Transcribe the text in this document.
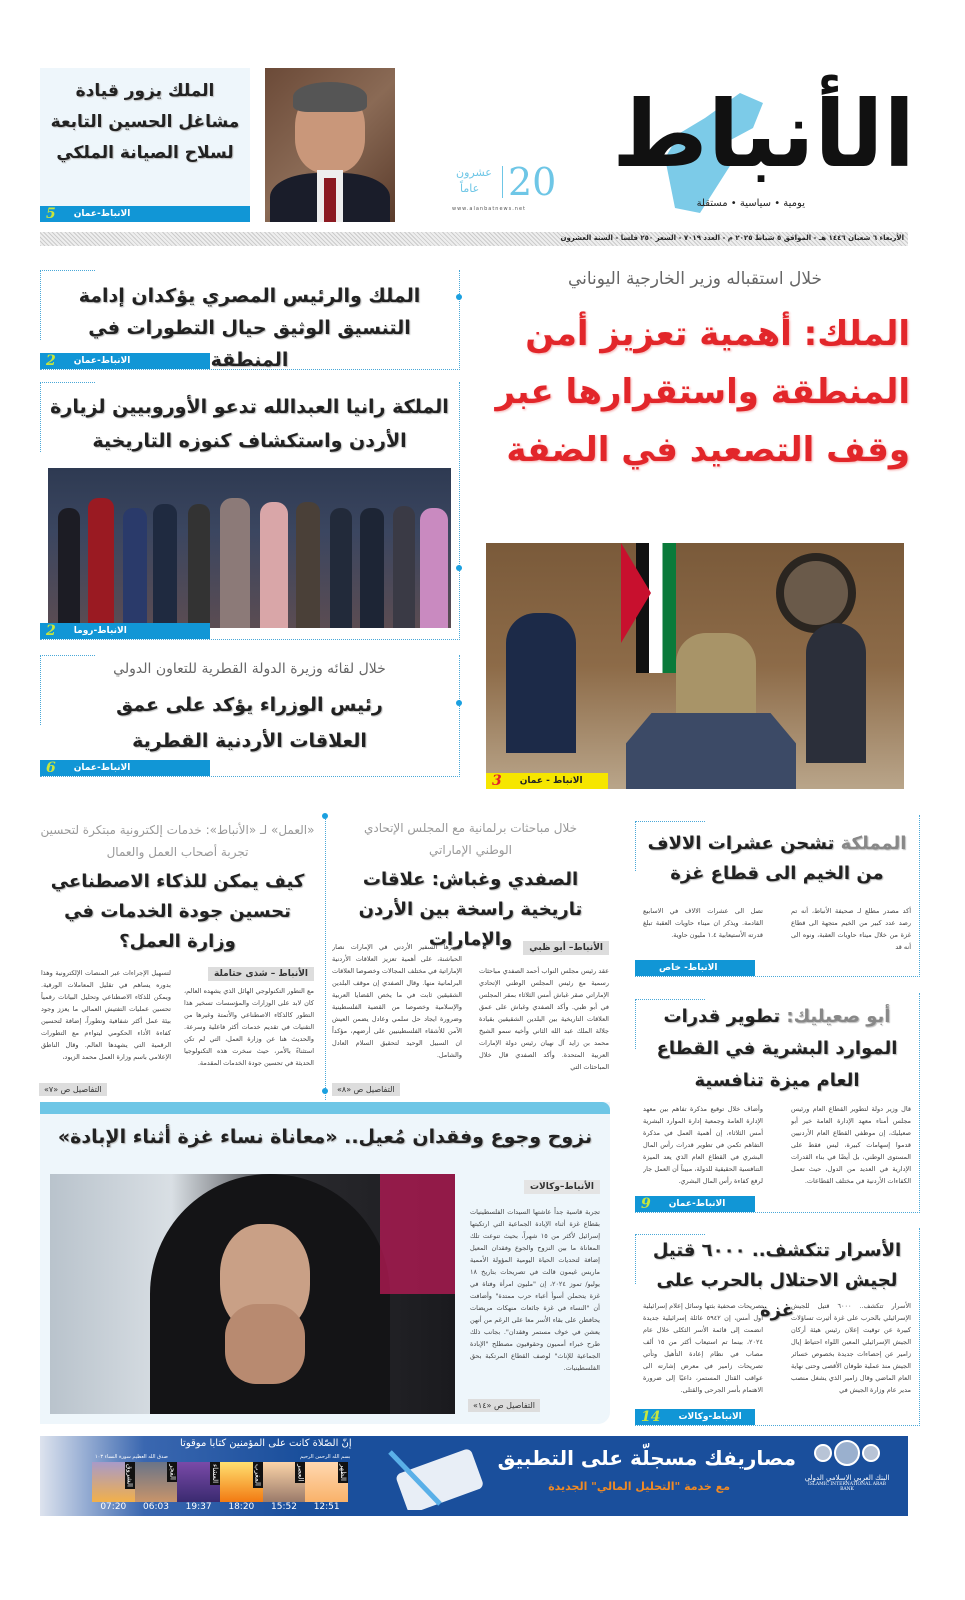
الأنباط
يومية • سياسية • مستقلة
20
عشرون
عاماً
www.alanbatnews.net
الملك يزور قيادة مشاغل الحسين التابعة لسلاح الصيانة الملكي
5 الانباط-عمان
الأربعاء ٦ شعبان ١٤٤٦ هـ - الموافق ٥ شباط ٢٠٢٥ م - العدد ٧٠١٩ - السعر ٢٥٠ فلسا - السنة العشرون
الملك والرئيس المصري يؤكدان إدامة التنسيق الوثيق حيال التطورات في المنطقة
2 الانباط-عمان
الملكة رانيا العبدالله تدعو الأوروبيين لزيارة الأردن واستكشاف كنوزه التاريخية
2 الانباط-روما
خلال لقائه وزيرة الدولة القطرية للتعاون الدولي
رئيس الوزراء يؤكد على عمق العلاقات الأردنية القطرية
6 الانباط-عمان
خلال استقباله وزير الخارجية اليوناني
الملك: أهمية تعزيز أمن المنطقة واستقرارها عبر وقف التصعيد في الضفة
3 الانباط - عمان
«العمل» لـ «الأنباط»: خدمات إلكترونية مبتكرة لتحسين تجربة أصحاب العمل والعمال
كيف يمكن للذكاء الاصطناعي تحسين جودة الخدمات في وزارة العمل؟
الأنباط – شذى حتاملة
مع التطور التكنولوجي الهائل الذي يشهده العالم، كان لابد على الوزارات والمؤسسات تسخير هذا التطور كالذكاء الاصطناعي والأتمتة وغيرها من التقنيات في تقديم خدمات أكثر فاعلية وسرعة. والحديث هنا عن وزارة العمل، التي لم تكن استثناءً بالأمر، حيث سخرت هذه التكنولوجيا الحديثة في تحسين جودة الخدمات المقدمة.
لتسهيل الإجراءات عبر المنصات الإلكترونية وهذا بدوره يساهم في تقليل المعاملات الورقية. ويمكن للذكاء الاصطناعي وتحليل البيانات رقمياً تحسين عمليات التفتيش العمالي ما يعزز وجود بيئة عمل أكثر شفافية وتطوراً، إضافة لتحسين كفاءة الأداء الحكومي ليتواءم مع التطورات الرقمية التي يشهدها العالم. وقال الناطق الإعلامي باسم وزارة العمل محمد الزيود،
التفاصيل ص «٧»
خلال مباحثات برلمانية مع المجلس الإتحادي الوطني الإماراتي
الصفدي وغباش: علاقات تاريخية راسخة بين الأردن والإمارات	الأنباط– أبو ظبي
عقد رئيس مجلس النواب أحمد الصفدي مباحثات رسمية مع رئيس المجلس الوطني الإتحادي الإماراتي صقر غباش أمس الثلاثاء بمقر المجلس في أبو ظبي. وأكد الصفدي وغباش على عمق العلاقات التاريخية بين البلدين الشقيقين بقيادة جلالة الملك عبد الله الثاني وأخيه سمو الشيخ محمد بن زايد آل نهيان رئيس دولة الإمارات العربية المتحدة. وأكد الصفدي قال خلال المباحثات التي
حضرها السفير الأردني في الإمارات نصار الحباشنة، على أهمية تعزيز العلاقات الأردنية الإماراتية في مختلف المجالات وخصوصا العلاقات البرلمانية منها. وقال الصفدي إن موقف البلدين الشقيقين ثابت في ما يخص القضايا العربية والإسلامية وخصوصا من القضية الفلسطينية وضرورة ايجاد حل سلمي وعادل يضمن العيش الآمن للأشقاء الفلسطينيين على أرضهم، مؤكداً ان السبيل الوحيد لتحقيق السلام العادل والشامل.
التفاصيل ص «٨»
المملكة تشحن عشرات الالاف من الخيم الى قطاع غزة
أكد مصدر مطلع لـ صحيفة الأنباط، أنه تم رصد عدد كبير من الخيم متجهة الى قطاع غزة من خلال ميناء حاويات العقبة، ونوه الى أنه قد
تصل الى عشرات الالاف في الاسابيع القادمة. ويذكر ان ميناء حاويات العقبة تبلغ قدرته الأستيعابية ١.٤ مليون حاوية.
الانباط- خاص
أبو صعيليك: تطوير قدرات الموارد البشرية في القطاع العام ميزة تنافسية
قال وزير دولة لتطوير القطاع العام ورئيس مجلس أمناء معهد الإدارة العامة خير أبو صعيليك، إن موظفي القطاع العام الأردنيين قدموا إسهامات كبيرة، ليس فقط على المستوى الوطني، بل أيضًا في بناء القدرات الإدارية في العديد من الدول، حيث تعمل الكفاءات الأردنية في مختلف القطاعات.
وأضاف خلال توقيع مذكرة تفاهم بين معهد الإدارة العامة وجمعية إدارة الموارد البشرية أمس الثلاثاء، إن أهمية العمل في مذكرة التفاهم تكمن في تطوير قدرات رأس المال البشري في القطاع العام الذي يعد الميزة التنافسية الحقيقية للدولة، مبيناً أن العمل جار لرفع كفاءة رأس المال البشري.
9 الانباط-عمان
الأسرار تتكشف.. ٦٠٠٠ قتيل لجيش الاحتلال بالحرب على غزة
الأسرار تتكشف.. ٦٠٠٠ قتيل للجيش الإسرائيلي بالحرب على غزة أثيرت تساؤلات كبيرة عن توقيت إعلان رئيس هيئة أركان الجيش الإسرائيلي المعين اللواء احتياط إيال زامير عن إحصاءات جديدة بخصوص خسائر الجيش منذ عملية طوفان الأقصى وحتى نهاية العام الماضي وقال زامير الذي يشغل منصب مدير عام وزارة الجيش في
تصريحات صحفية بثتها وسائل إعلام إسرائيلية أول أمس، إن ٥٩٤٢ عائلة إسرائيلية جديدة انضمت إلى قائمة الأسر الثكلى خلال عام ٢٠٢٤، بينما تم استيعاب أكثر من ١٥ ألف مصاب في نظام إعادة التأهيل وتأتي تصريحات زامير في معرض إشارته الى عواقب القتال المستمر، داعيًا إلى ضرورة الاهتمام بأسر الجرحى والقتلى.
14 الانباط-وكالات
نزوح وجوع وفقدان مُعيل.. «معاناة نساء غزة أثناء الإبادة»
الأنباط–وكالات
تجربة قاسية جداً عاشتها السيدات الفلسطينيات بقطاع غزة أثناء الإبادة الجماعية التي ارتكبتها إسرائيل لأكثر من ١٥ شهراً، بحيث تنوعت تلك المعاناة ما بين النزوح والجوع وفقدان المعيل إضافة لتحديات الحياة اليومية المؤولة الأممية ماريس غيمون قالت في تصريحات بتاريخ ١٨ يوليو/ تموز ٢٠٢٤، إن "مليون امرأة وفتاة في غزة يتحملن أسوأ أعباء حرب ممتدة" وأضافت أن "النساء في غزة جائعات منهكات مريضات يحافظن على بقاء الأسر معا على الرغم من أنهن يعشن في خوف مستمر وفقدان". بجانب ذلك طرح خبراء أمميون وحقوقيون مصطلح "الإبادة الجماعية للإناث" لوصف القطاع المرتكبة بحق الفلسطينيات.
التفاصيل ص «١٤»
إنّ الصّلاة كانت على المؤمنين كتابا موقوتا
بسم الله الرحمن الرحيم
صدق الله العظيم سورة النساء ١٠٣
الظهر
العصر
المغرب
العشاء
الفجر
الشروق
12:51
15:52
18:20
19:37
06:03
07:20
مصاريفك مسجلّة على التطبيق
مع خدمة "التحليل المالي" الجديدة
البنك العربي الإسلامي الدولي
ISLAMIC INTERNATIONAL ARAB BANK
